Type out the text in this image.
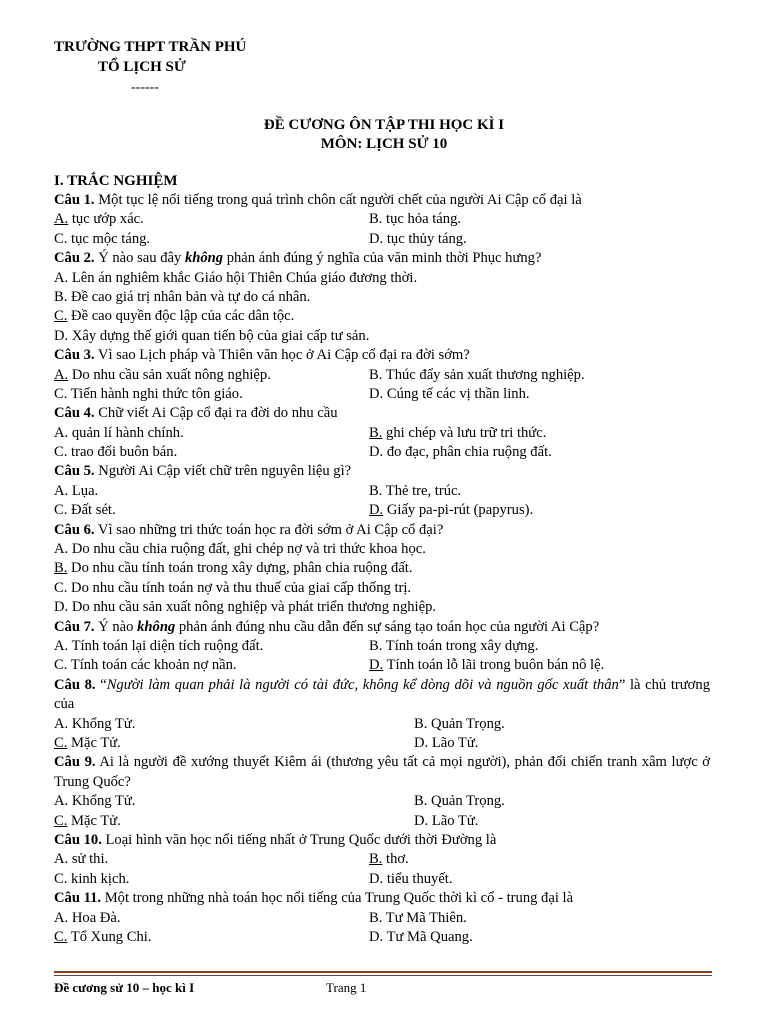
TRƯỜNG THPT TRẦN PHÚ
TỔ LỊCH SỬ
------
ĐỀ CƯƠNG ÔN TẬP THI HỌC KÌ I
MÔN: LỊCH SỬ 10
I. TRẮC NGHIỆM
Câu 1. Một tục lệ nổi tiếng trong quá trình chôn cất người chết của người Ai Cập cổ đại là
A. tục ướp xác.	B. tục hỏa táng.
C. tục mộc táng.	D. tục thủy táng.
Câu 2. Ý nào sau đây không phản ánh đúng ý nghĩa của văn minh thời Phục hưng?
A. Lên án nghiêm khắc Giáo hội Thiên Chúa giáo đương thời.
B. Đề cao giá trị nhân bản và tự do cá nhân.
C. Đề cao quyền độc lập của các dân tộc.
D. Xây dựng thế giới quan tiến bộ của giai cấp tư sản.
Câu 3. Vì sao Lịch pháp và Thiên văn học ở Ai Cập cổ đại ra đời sớm?
A. Do nhu cầu sản xuất nông nghiệp.	B. Thúc đẩy sản xuất thương nghiệp.
C. Tiến hành nghi thức tôn giáo.	D. Cúng tế các vị thần linh.
Câu 4. Chữ viết Ai Cập cổ đại ra đời do nhu cầu
A. quản lí hành chính.	B. ghi chép và lưu trữ tri thức.
C. trao đổi buôn bán.	D. đo đạc, phân chia ruộng đất.
Câu 5. Người Ai Cập viết chữ trên nguyên liệu gì?
A. Lụa.	B. Thẻ tre, trúc.
C. Đất sét.	D. Giấy pa-pi-rút (papyrus).
Câu 6. Vì sao những tri thức toán học ra đời sớm ở Ai Cập cổ đại?
A. Do nhu cầu chia ruộng đất, ghi chép nợ và tri thức khoa học.
B. Do nhu cầu tính toán trong xây dựng, phân chia ruộng đất.
C. Do nhu cầu tính toán nợ và thu thuế của giai cấp thống trị.
D. Do nhu cầu sản xuất nông nghiệp và phát triển thương nghiệp.
Câu 7. Ý nào không phản ánh đúng nhu cầu dẫn đến sự sáng tạo toán học của người Ai Cập?
A. Tính toán lại diện tích ruộng đất.	B. Tính toán trong xây dựng.
C. Tính toán các khoản nợ nần.	D. Tính toán lỗ lãi trong buôn bán nô lệ.
Câu 8. “Người làm quan phải là người có tài đức, không kể dòng dõi và nguồn gốc xuất thân” là chủ trương của
A. Khổng Tử.	B. Quản Trọng.
C. Mặc Tử.	D. Lão Tử.
Câu 9. Ai là người đề xướng thuyết Kiêm ái (thương yêu tất cả mọi người), phản đối chiến tranh xâm lược ở Trung Quốc?
A. Khổng Tử.	B. Quản Trọng.
C. Mặc Tử.	D. Lão Tử.
Câu 10. Loại hình văn học nổi tiếng nhất ở Trung Quốc dưới thời Đường là
A. sử thi.	B. thơ.
C. kinh kịch.	D. tiểu thuyết.
Câu 11. Một trong những nhà toán học nổi tiếng của Trung Quốc thời kì cổ - trung đại là
A. Hoa Đà.	B. Tư Mã Thiên.
C. Tổ Xung Chi.	D. Tư Mã Quang.
Đề cương sử 10 – học kì I	Trang 1
